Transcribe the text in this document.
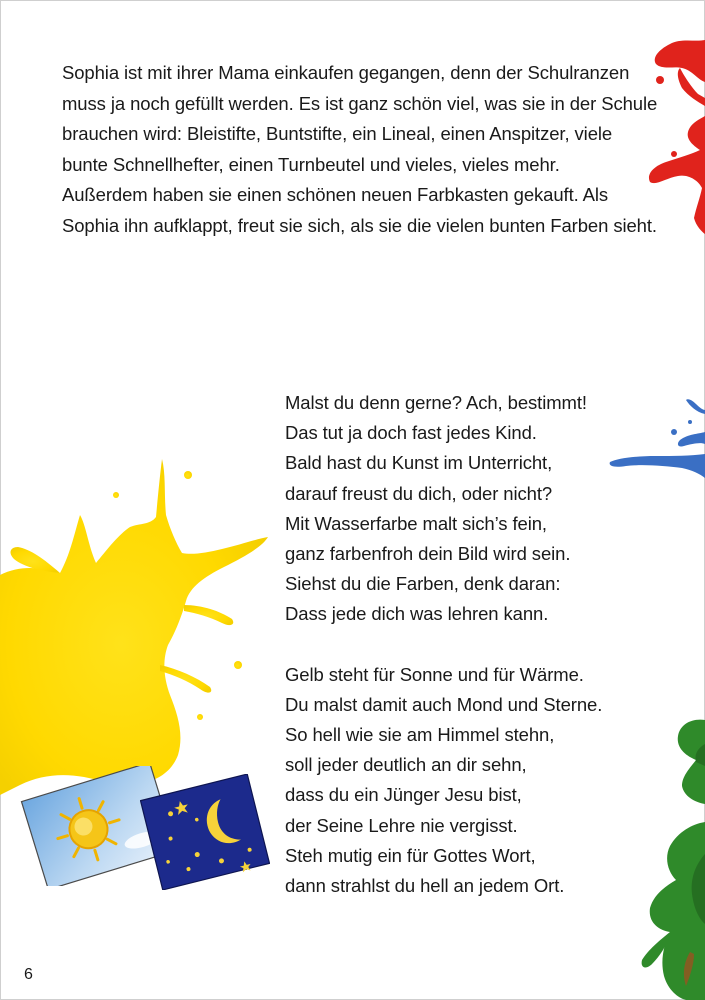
Sophia ist mit ihrer Mama einkaufen gegangen, denn der Schulranzen muss ja noch gefüllt werden. Es ist ganz schön viel, was sie in der Schule brauchen wird: Bleistifte, Buntstifte, ein Lineal, einen Anspitzer, viele bunte Schnellhefter, einen Turnbeutel und vieles, vieles mehr.

Außerdem haben sie einen schönen neuen Farbkasten gekauft. Als Sophia ihn aufklappt, freut sie sich, als sie die vielen bunten Farben sieht.

Malst du denn gerne? Ach, bestimmt!
Das tut ja doch fast jedes Kind.
Bald hast du Kunst im Unterricht,
darauf freust du dich, oder nicht?
Mit Wasserfarbe malt sich’s fein,
ganz farbenfroh dein Bild wird sein.
Siehst du die Farben, denk daran:
Dass jede dich was lehren kann.

Gelb steht für Sonne und für Wärme.
Du malst damit auch Mond und Sterne.
So hell wie sie am Himmel stehn,
soll jeder deutlich an dir sehn,
dass du ein Jünger Jesu bist,
der Seine Lehre nie vergisst.
Steh mutig ein für Gottes Wort,
dann strahlst du hell an jedem Ort.

6
